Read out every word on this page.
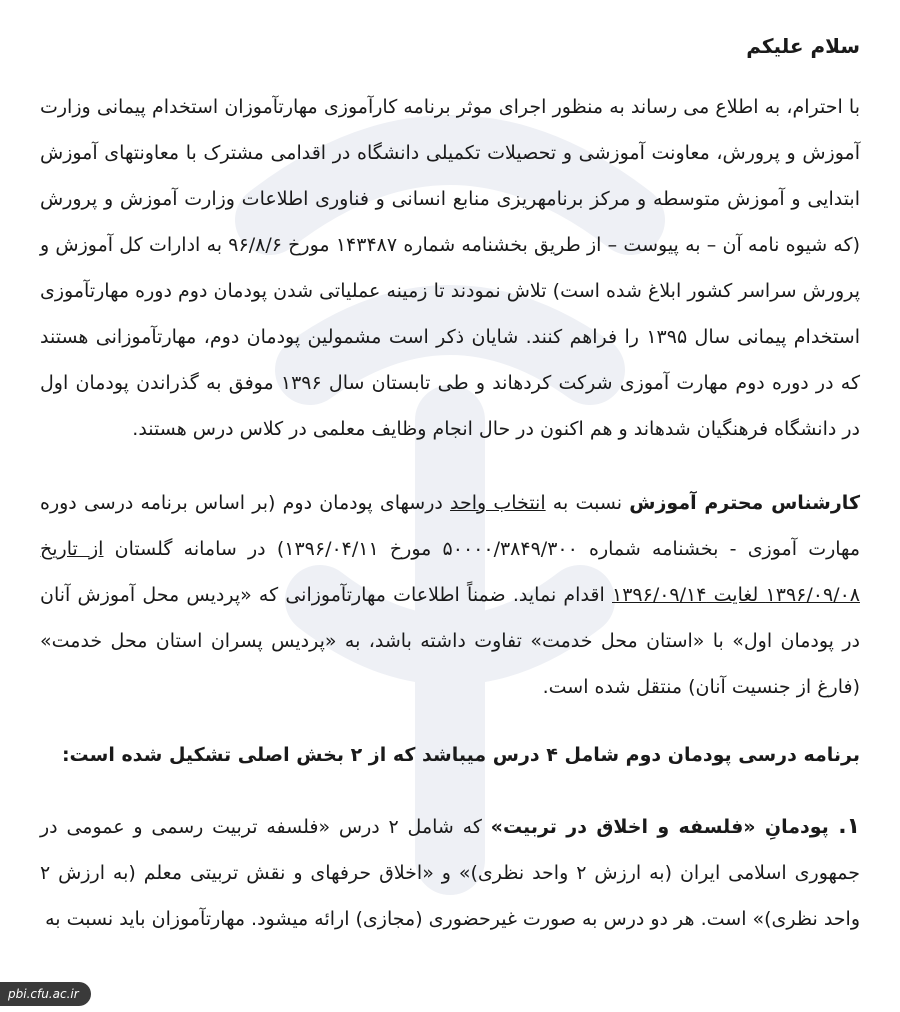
سلام علیکم

با احترام، به اطلاع می رساند به منظور اجرای موثر برنامه کارآموزی مهارتآموزان استخدام پیمانی وزارت آموزش و پرورش، معاونت آموزشی و تحصیلات تکمیلی دانشگاه در اقدامی مشترک با معاونتهای آموزش ابتدایی و آموزش متوسطه و مرکز برنامهریزی منابع انسانی و فناوری اطلاعات وزارت آموزش و پرورش (که شیوه نامه آن – به پیوست – از طریق بخشنامه شماره ۱۴۳۴۸۷ مورخ ۹۶/۸/۶ به ادارات کل آموزش و پرورش سراسر کشور ابلاغ شده است) تلاش نمودند تا زمینه عملیاتی شدن پودمان دوم دوره مهارتآموزی استخدام پیمانی سال ۱۳۹۵ را فراهم کنند. شایان ذکر است مشمولین پودمان دوم، مهارتآموزانی هستند که در دوره دوم مهارت آموزی شرکت کردهاند و طی تابستان سال ۱۳۹۶ موفق به گذراندن پودمان اول در دانشگاه فرهنگیان شدهاند و هم اکنون در حال انجام وظایف معلمی در کلاس درس هستند.

کارشناس محترم آموزش نسبت به انتخاب واحد درسهای پودمان دوم (بر اساس برنامه درسی دوره مهارت آموزی - بخشنامه شماره ۵۰۰۰۰/۳۸۴۹/۳۰۰ مورخ ۱۳۹۶/۰۴/۱۱) در سامانه گلستان از تاریخ ۱۳۹۶/۰۹/۰۸ لغایت ۱۳۹۶/۰۹/۱۴ اقدام نماید. ضمناً اطلاعات مهارتآموزانی که «پردیس محل آموزش آنان در پودمان اول» با «استان محل خدمت» تفاوت داشته باشد، به «پردیس پسران استان محل خدمت» (فارغ از جنسیت آنان) منتقل شده است.

برنامه درسی پودمان دوم شامل ۴ درس میباشد که از ۲ بخش اصلی تشکیل شده است:

۱. پودمانِ «فلسفه و اخلاق در تربیت» که شامل ۲ درس «فلسفه تربیت رسمی و عمومی در جمهوری اسلامی ایران (به ارزش ۲ واحد نظری)» و «اخلاق حرفهای و نقش تربیتی معلم (به ارزش ۲ واحد نظری)» است. هر دو درس به صورت غیرحضوری (مجازی) ارائه میشود. مهارتآموزان باید نسبت به

pbi.cfu.ac.ir
